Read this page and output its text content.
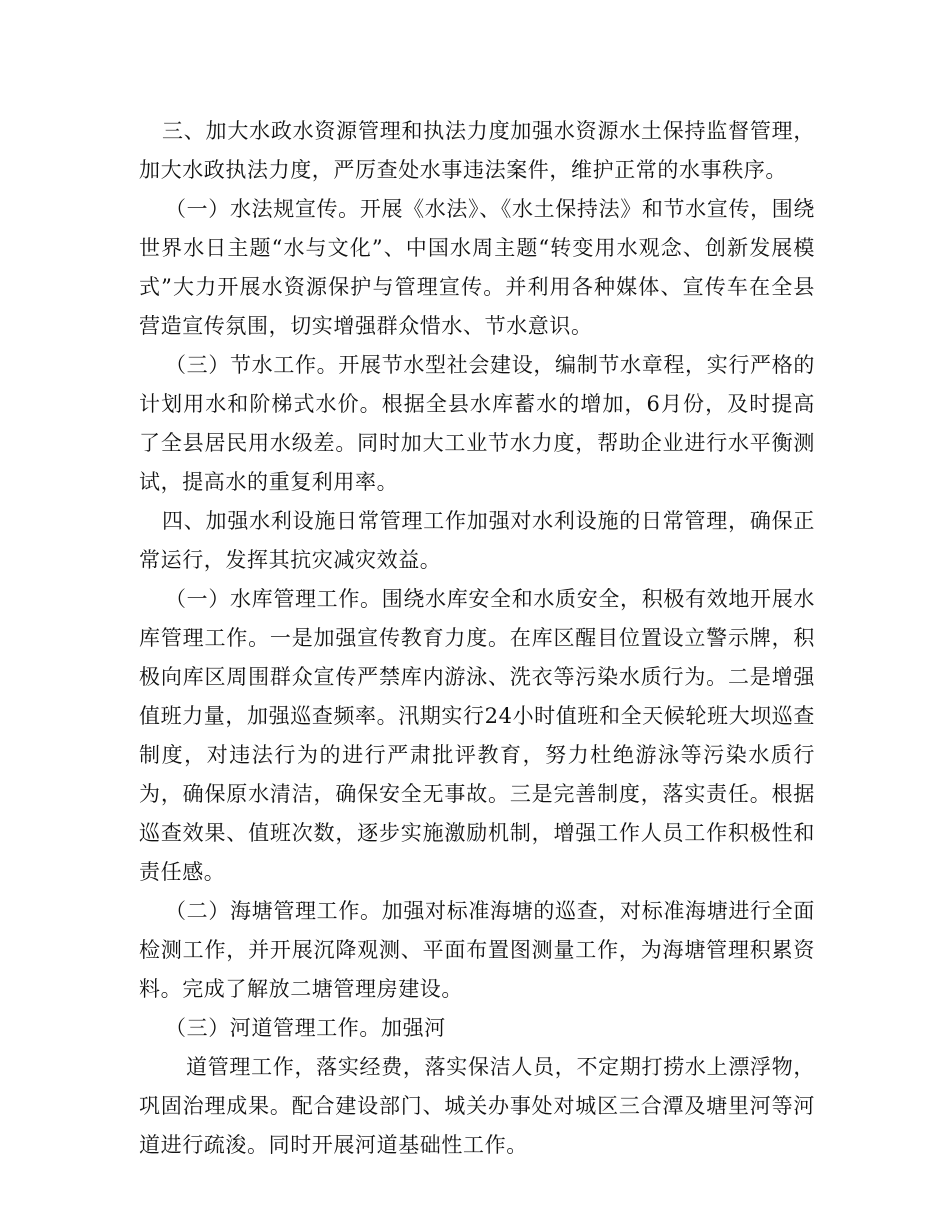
三、加大水政水资源管理和执法力度加强水资源水土保持监督管理，加大水政执法力度，严厉查处水事违法案件，维护正常的水事秩序。

（一）水法规宣传。开展《水法》、《水土保持法》和节水宣传，围绕世界水日主题“水与文化”、中国水周主题“转变用水观念、创新发展模式”大力开展水资源保护与管理宣传。并利用各种媒体、宣传车在全县营造宣传氛围，切实增强群众惜水、节水意识。

（三）节水工作。开展节水型社会建设，编制节水章程，实行严格的计划用水和阶梯式水价。根据全县水库蓄水的增加，6月份，及时提高了全县居民用水级差。同时加大工业节水力度，帮助企业进行水平衡测试，提高水的重复利用率。

四、加强水利设施日常管理工作加强对水利设施的日常管理，确保正常运行，发挥其抗灾减灾效益。

（一）水库管理工作。围绕水库安全和水质安全，积极有效地开展水库管理工作。一是加强宣传教育力度。在库区醒目位置设立警示牌，积极向库区周围群众宣传严禁库内游泳、洗衣等污染水质行为。二是增强值班力量，加强巡查频率。汛期实行24小时值班和全天候轮班大坝巡查制度，对违法行为的进行严肃批评教育，努力杜绝游泳等污染水质行为，确保原水清洁，确保安全无事故。三是完善制度，落实责任。根据巡查效果、值班次数，逐步实施激励机制，增强工作人员工作积极性和责任感。

（二）海塘管理工作。加强对标准海塘的巡查，对标准海塘进行全面检测工作，并开展沉降观测、平面布置图测量工作，为海塘管理积累资料。完成了解放二塘管理房建设。

（三）河道管理工作。加强河

道管理工作，落实经费，落实保洁人员，不定期打捞水上漂浮物，巩固治理成果。配合建设部门、城关办事处对城区三合潭及塘里河等河道进行疏浚。同时开展河道基础性工作。
